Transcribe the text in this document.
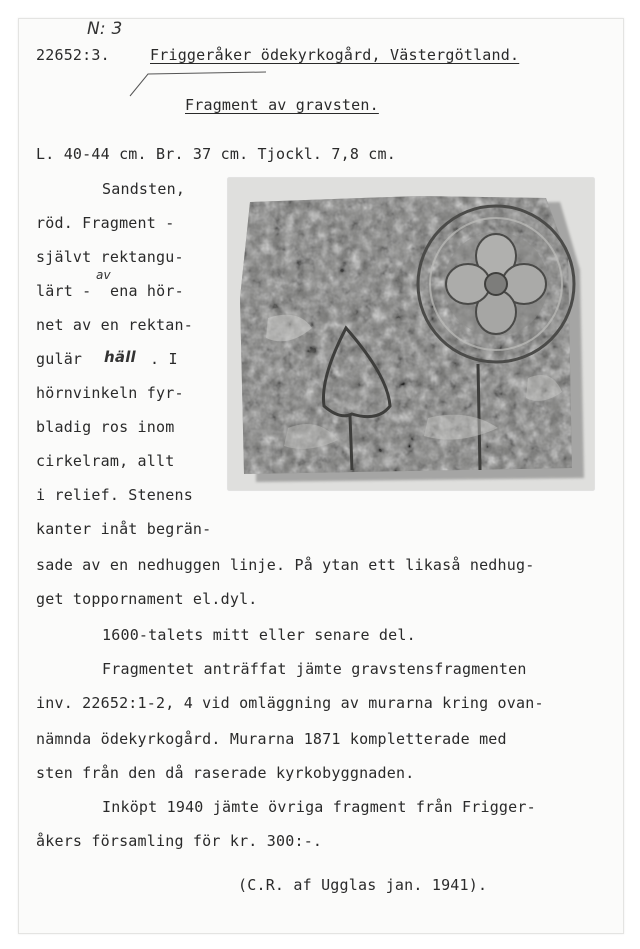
N: 3
22652:3.	Friggeråker ödekyrkogård, Västergötland.
Fragment av gravsten.
L. 40-44 cm. Br. 37 cm. Tjockl. 7,8 cm.
Sandsten,
röd. Fragment -
självt rektangu-
lärt -
av
ena hör-
net av en rektan-
gulär häll . I
hörnvinkeln fyr-
bladig ros inom
cirkelram, allt
i relief. Stenens
kanter inåt begrän-
sade av en nedhuggen linje. På ytan ett likaså nedhug-
get toppornament el.dyl.
1600-talets mitt eller senare del.
Fragmentet anträffat jämte gravstensfragmenten
inv. 22652:1-2, 4 vid omläggning av murarna kring ovan-
nämnda ödekyrkogård. Murarna 1871 kompletterade med
sten från den då raserade kyrkobyggnaden.
Inköpt 1940 jämte övriga fragment från Frigger-
åkers församling för kr. 300:-.
(C.R. af Ugglas jan. 1941).
